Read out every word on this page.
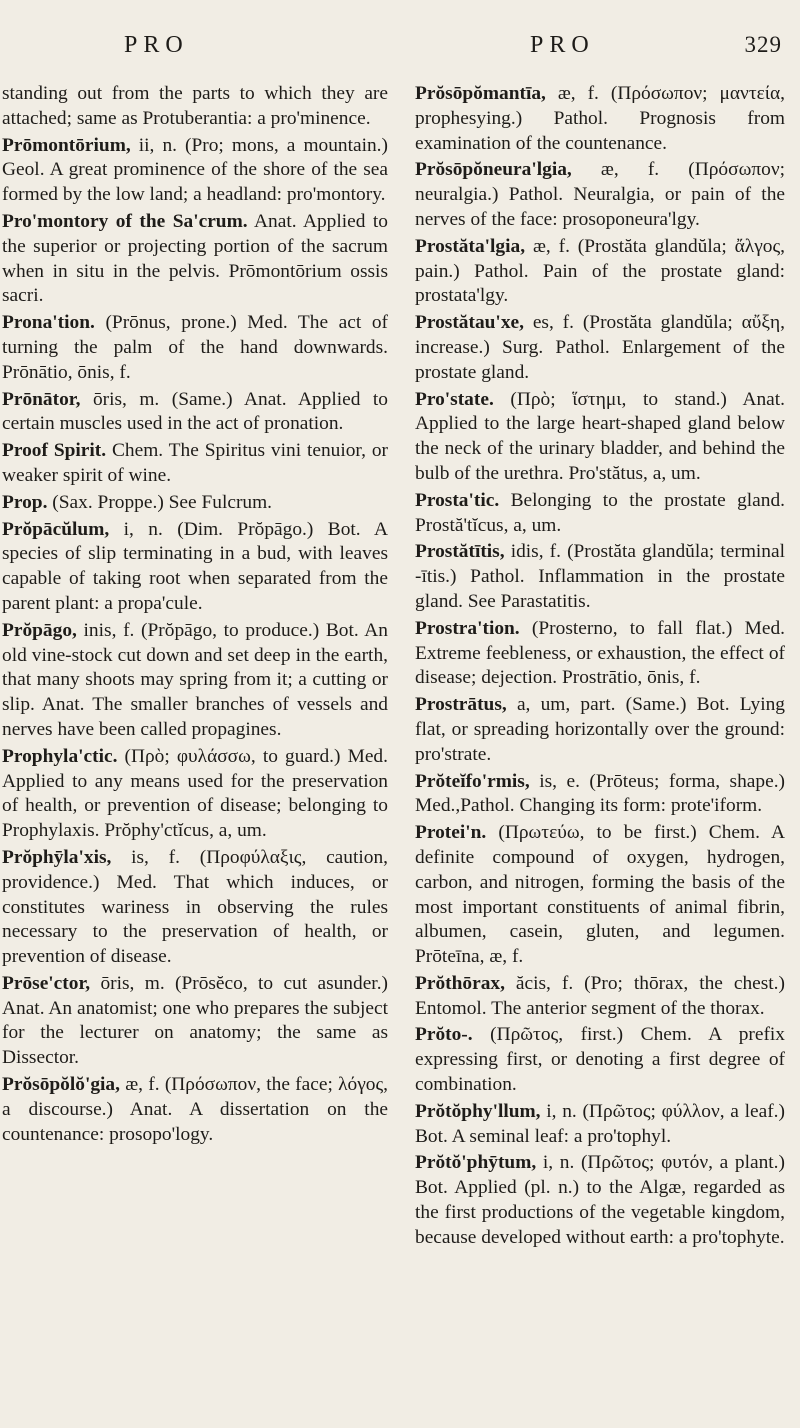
PRO	PRO	329

standing out from the parts to which they are attached; same as Protuberantia: a pro'minence.

Prōmontōrium, ii, n. (Pro; mons, a mountain.) Geol. A great prominence of the shore of the sea formed by the low land; a headland: pro'montory.

Pro'montory of the Sa'crum. Anat. Applied to the superior or projecting portion of the sacrum when in situ in the pelvis. Prōmontōrium ossis sacri.

Prona'tion. (Prōnus, prone.) Med. The act of turning the palm of the hand downwards. Prōnātio, ōnis, f.

Prōnātor, ōris, m. (Same.) Anat. Applied to certain muscles used in the act of pronation.

Proof Spirit. Chem. The Spiritus vini tenuior, or weaker spirit of wine.

Prop. (Sax. Proppe.) See Fulcrum.

Prŏpācŭlum, i, n. (Dim. Prŏpāgo.) Bot. A species of slip terminating in a bud, with leaves capable of taking root when separated from the parent plant: a propa'cule.

Prŏpāgo, inis, f. (Prŏpāgo, to produce.) Bot. An old vine-stock cut down and set deep in the earth, that many shoots may spring from it; a cutting or slip. Anat. The smaller branches of vessels and nerves have been called propagines.

Prophyla'ctic. (Πρὸ; φυλάσσω, to guard.) Med. Applied to any means used for the preservation of health, or prevention of disease; belonging to Prophylaxis. Prŏphy'ctĭcus, a, um.

Prŏphȳla'xis, is, f. (Προφύλαξις, caution, providence.) Med. That which induces, or constitutes wariness in observing the rules necessary to the preservation of health, or prevention of disease.

Prōse'ctor, ōris, m. (Prōsĕco, to cut asunder.) Anat. An anatomist; one who prepares the subject for the lecturer on anatomy; the same as Dissector.

Prŏsōpŏlŏ'gia, æ, f. (Πρόσωπον, the face; λόγος, a discourse.) Anat. A dissertation on the countenance: prosopo'logy.

Prŏsōpŏmantīa, æ, f. (Πρόσωπον; μαντεία, prophesying.) Pathol. Prognosis from examination of the countenance.

Prŏsōpŏneura'lgia, æ, f. (Πρόσωπον; neuralgia.) Pathol. Neuralgia, or pain of the nerves of the face: prosoponeura'lgy.

Prostăta'lgia, æ, f. (Prostăta glandŭla; ἄλγος, pain.) Pathol. Pain of the prostate gland: prostata'lgy.

Prostătau'xe, es, f. (Prostăta glandŭla; αὔξη, increase.) Surg. Pathol. Enlargement of the prostate gland.

Pro'state. (Πρὸ; ἵστημι, to stand.) Anat. Applied to the large heart-shaped gland below the neck of the urinary bladder, and behind the bulb of the urethra. Pro'stătus, a, um.

Prosta'tic. Belonging to the prostate gland. Prostă'tĭcus, a, um.

Prostătītis, idis, f. (Prostăta glandŭla; terminal -ītis.) Pathol. Inflammation in the prostate gland. See Parastatitis.

Prostra'tion. (Prosterno, to fall flat.) Med. Extreme feebleness, or exhaustion, the effect of disease; dejection. Prostrātio, ōnis, f.

Prostrātus, a, um, part. (Same.) Bot. Lying flat, or spreading horizontally over the ground: pro'strate.

Prŏteĭfo'rmis, is, e. (Prōteus; forma, shape.) Med.,Pathol. Changing its form: prote'iform.

Protei'n. (Πρωτεύω, to be first.) Chem. A definite compound of oxygen, hydrogen, carbon, and nitrogen, forming the basis of the most important constituents of animal fibrin, albumen, casein, gluten, and legumen. Prōteīna, æ, f.

Prŏthōrax, ăcis, f. (Pro; thōrax, the chest.) Entomol. The anterior segment of the thorax.

Prŏto-. (Πρῶτος, first.) Chem. A prefix expressing first, or denoting a first degree of combination.

Prŏtŏphy'llum, i, n. (Πρῶτος; φύλλον, a leaf.) Bot. A seminal leaf: a pro'tophyl.

Prŏtŏ'phȳtum, i, n. (Πρῶτος; φυτόν, a plant.) Bot. Applied (pl. n.) to the Algæ, regarded as the first productions of the vegetable kingdom, because developed without earth: a pro'tophyte.
